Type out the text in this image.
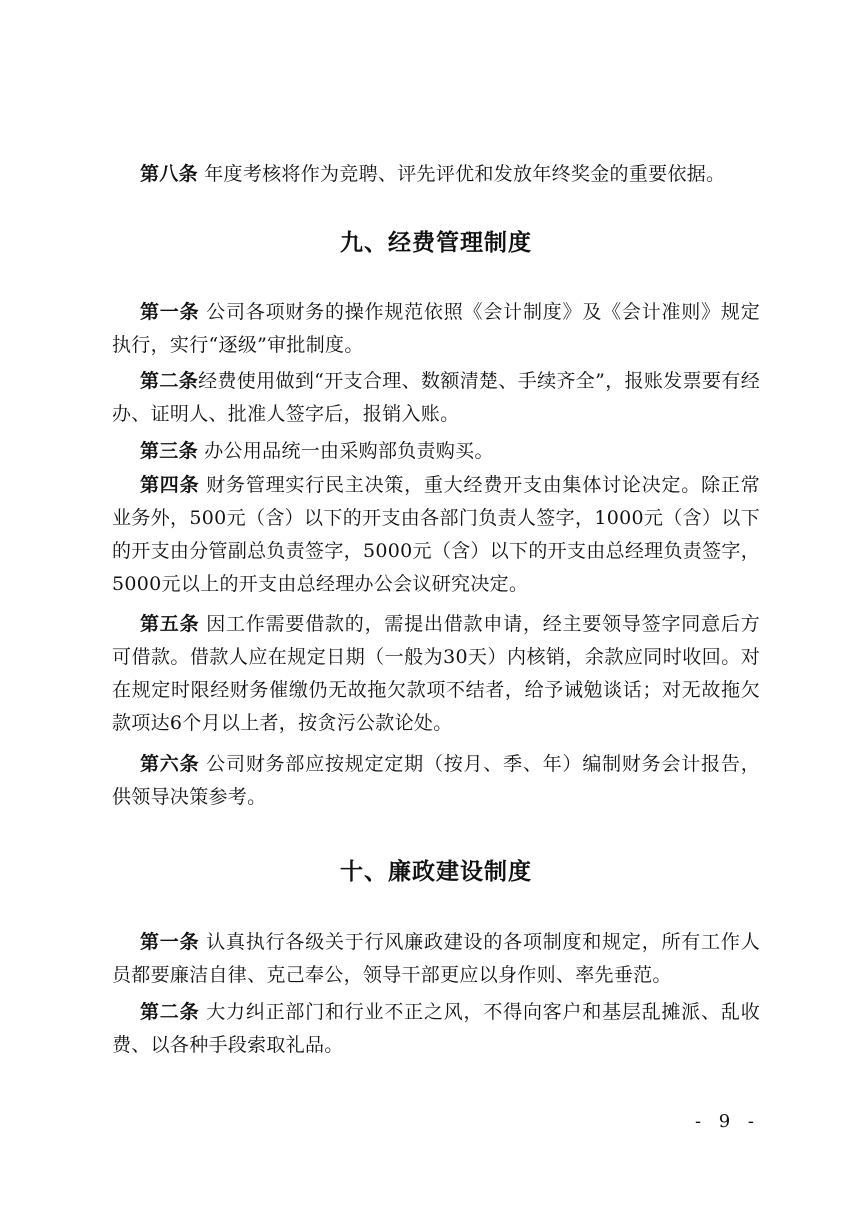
第八条 年度考核将作为竞聘、评先评优和发放年终奖金的重要依据。

九、经费管理制度

第一条 公司各项财务的操作规范依照《会计制度》及《会计准则》规定执行，实行“逐级”审批制度。

第二条经费使用做到“开支合理、数额清楚、手续齐全”，报账发票要有经办、证明人、批准人签字后，报销入账。

第三条 办公用品统一由采购部负责购买。

第四条 财务管理实行民主决策，重大经费开支由集体讨论决定。除正常业务外，500元（含）以下的开支由各部门负责人签字，1000元（含）以下的开支由分管副总负责签字，5000元（含）以下的开支由总经理负责签字，5000元以上的开支由总经理办公会议研究决定。

第五条 因工作需要借款的，需提出借款申请，经主要领导签字同意后方可借款。借款人应在规定日期（一般为30天）内核销，余款应同时收回。对在规定时限经财务催缴仍无故拖欠款项不结者，给予诫勉谈话；对无故拖欠款项达6个月以上者，按贪污公款论处。

第六条 公司财务部应按规定定期（按月、季、年）编制财务会计报告，供领导决策参考。

十、廉政建设制度

第一条 认真执行各级关于行风廉政建设的各项制度和规定，所有工作人员都要廉洁自律、克己奉公，领导干部更应以身作则、率先垂范。

第二条 大力纠正部门和行业不正之风，不得向客户和基层乱摊派、乱收费、以各种手段索取礼品。

- 9 -
